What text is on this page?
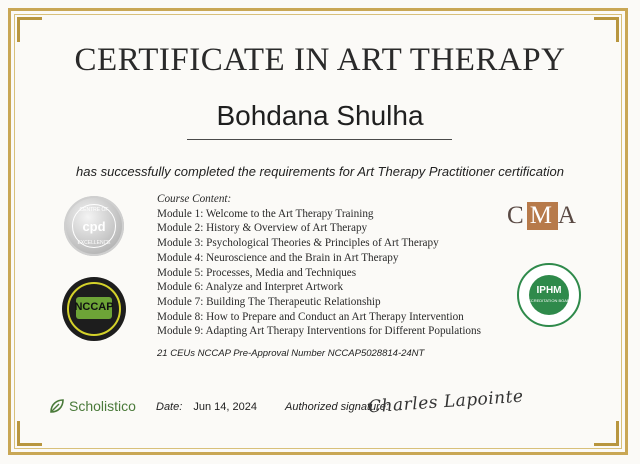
CERTIFICATE IN ART THERAPY
Bohdana Shulha
has successfully completed the requirements for Art Therapy Practitioner certification
Course Content:
Module 1: Welcome to the Art Therapy Training
Module 2: History & Overview of Art Therapy
Module 3: Psychological Theories & Principles of Art Therapy
Module 4: Neuroscience and the Brain in Art Therapy
Module 5: Processes, Media and Techniques
Module 6: Analyze and Interpret Artwork
Module 7: Building The Therapeutic Relationship
Module 8: How to Prepare and Conduct an Art Therapy Intervention
Module 9: Adapting Art Therapy Interventions for Different Populations
21 CEUs NCCAP Pre-Approval Number NCCAP5028814-24NT
CENTRE OF
cpd
EXCELLENCE
NCCAP
C M A
IPHM
ACCREDITATION BOARD
Scholistico Date: Jun 14, 2024	Authorized signature:
Charles Lapointe
